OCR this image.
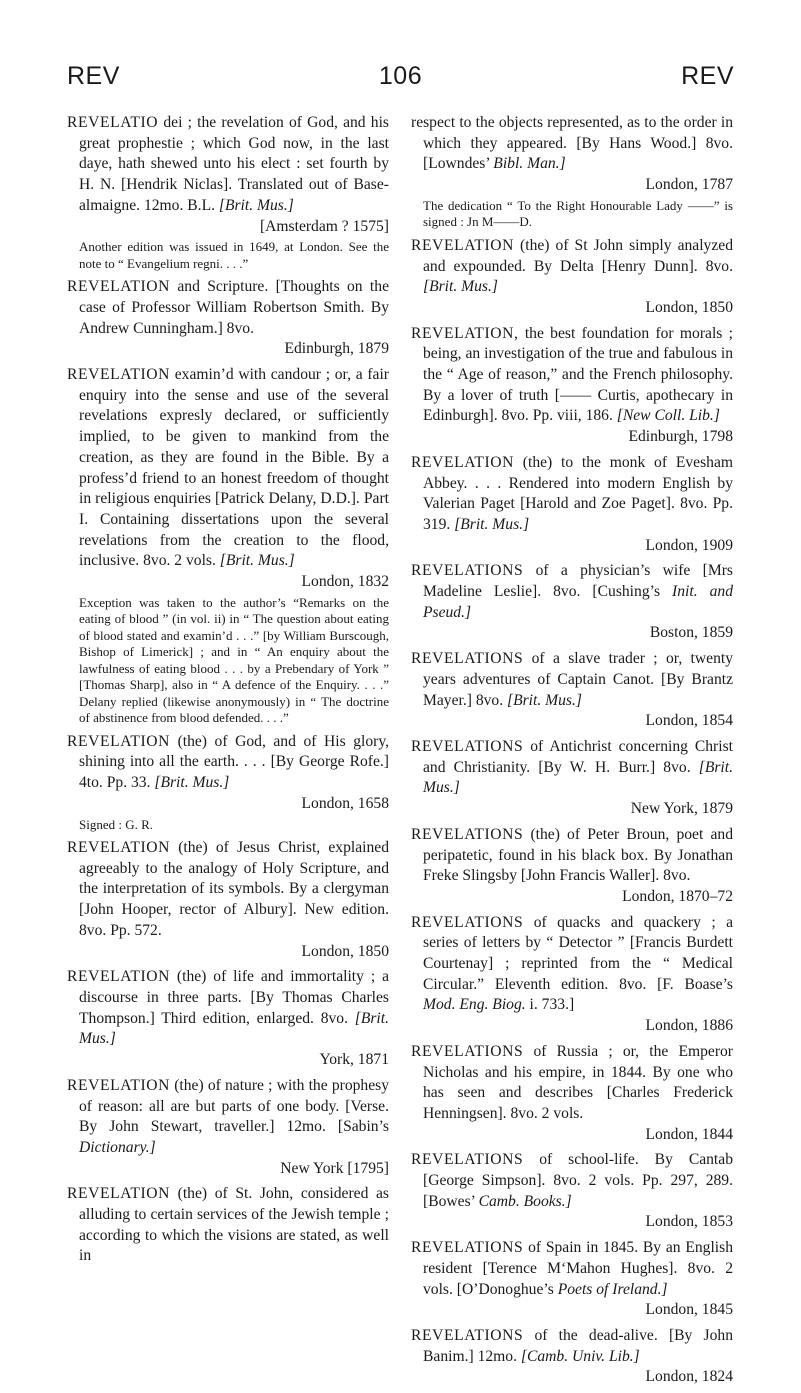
REV	106	REV

REVELATIO dei ; the revelation of God, and his great prophestie ; which God now, in the last daye, hath shewed unto his elect : set fourth by H. N. [Hendrik Niclas]. Translated out of Base-almaigne. 12mo. B.L. [Brit. Mus.]
[Amsterdam ? 1575]

Another edition was issued in 1649, at London. See the note to “ Evangelium regni. . . .”

REVELATION and Scripture. [Thoughts on the case of Professor William Robertson Smith. By Andrew Cunningham.] 8vo.
Edinburgh, 1879

REVELATION examin’d with candour ; or, a fair enquiry into the sense and use of the several revelations expresly declared, or sufficiently implied, to be given to mankind from the creation, as they are found in the Bible. By a profess’d friend to an honest freedom of thought in religious enquiries [Patrick Delany, D.D.]. Part I. Containing dissertations upon the several revelations from the creation to the flood, inclusive. 8vo. 2 vols. [Brit. Mus.]
London, 1832

Exception was taken to the author’s “Remarks on the eating of blood ” (in vol. ii) in “ The question about eating of blood stated and examin’d . . .” [by William Burscough, Bishop of Limerick] ; and in “ An enquiry about the lawfulness of eating blood . . . by a Prebendary of York ” [Thomas Sharp], also in “ A defence of the Enquiry. . . .” Delany replied (likewise anonymously) in “ The doctrine of abstinence from blood defended. . . .”

REVELATION (the) of God, and of His glory, shining into all the earth. . . . [By George Rofe.] 4to. Pp. 33. [Brit. Mus.]
London, 1658

Signed : G. R.

REVELATION (the) of Jesus Christ, explained agreeably to the analogy of Holy Scripture, and the interpretation of its symbols. By a clergyman [John Hooper, rector of Albury]. New edition. 8vo. Pp. 572.
London, 1850

REVELATION (the) of life and immortality ; a discourse in three parts. [By Thomas Charles Thompson.] Third edition, enlarged. 8vo. [Brit. Mus.]
York, 1871

REVELATION (the) of nature ; with the prophesy of reason: all are but parts of one body. [Verse. By John Stewart, traveller.] 12mo. [Sabin’s Dictionary.]
New York [1795]

REVELATION (the) of St. John, considered as alluding to certain services of the Jewish temple ; according to which the visions are stated, as well in

respect to the objects represented, as to the order in which they appeared. [By Hans Wood.] 8vo. [Lowndes’ Bibl. Man.]
London, 1787

The dedication “ To the Right Honourable Lady ——” is signed : Jn M——D.

REVELATION (the) of St John simply analyzed and expounded. By Delta [Henry Dunn]. 8vo. [Brit. Mus.]
London, 1850

REVELATION, the best foundation for morals ; being, an investigation of the true and fabulous in the “ Age of reason,” and the French philosophy. By a lover of truth [—— Curtis, apothecary in Edinburgh]. 8vo. Pp. viii, 186. [New Coll. Lib.]
Edinburgh, 1798

REVELATION (the) to the monk of Evesham Abbey. . . . Rendered into modern English by Valerian Paget [Harold and Zoe Paget]. 8vo. Pp. 319. [Brit. Mus.]
London, 1909

REVELATIONS of a physician’s wife [Mrs Madeline Leslie]. 8vo. [Cushing’s Init. and Pseud.]
Boston, 1859

REVELATIONS of a slave trader ; or, twenty years adventures of Captain Canot. [By Brantz Mayer.] 8vo. [Brit. Mus.]
London, 1854

REVELATIONS of Antichrist concerning Christ and Christianity. [By W. H. Burr.] 8vo. [Brit. Mus.]
New York, 1879

REVELATIONS (the) of Peter Broun, poet and peripatetic, found in his black box. By Jonathan Freke Slingsby [John Francis Waller]. 8vo.
London, 1870–72

REVELATIONS of quacks and quackery ; a series of letters by “ Detector ” [Francis Burdett Courtenay] ; reprinted from the “ Medical Circular.” Eleventh edition. 8vo. [F. Boase’s Mod. Eng. Biog. i. 733.]
London, 1886

REVELATIONS of Russia ; or, the Emperor Nicholas and his empire, in 1844. By one who has seen and describes [Charles Frederick Henningsen]. 8vo. 2 vols.
London, 1844

REVELATIONS of school-life. By Cantab [George Simpson]. 8vo. 2 vols. Pp. 297, 289. [Bowes’ Camb. Books.]
London, 1853

REVELATIONS of Spain in 1845. By an English resident [Terence M‘Mahon Hughes]. 8vo. 2 vols. [O’Donoghue’s Poets of Ireland.]
London, 1845

REVELATIONS of the dead-alive. [By John Banim.] 12mo. [Camb. Univ. Lib.]
London, 1824
